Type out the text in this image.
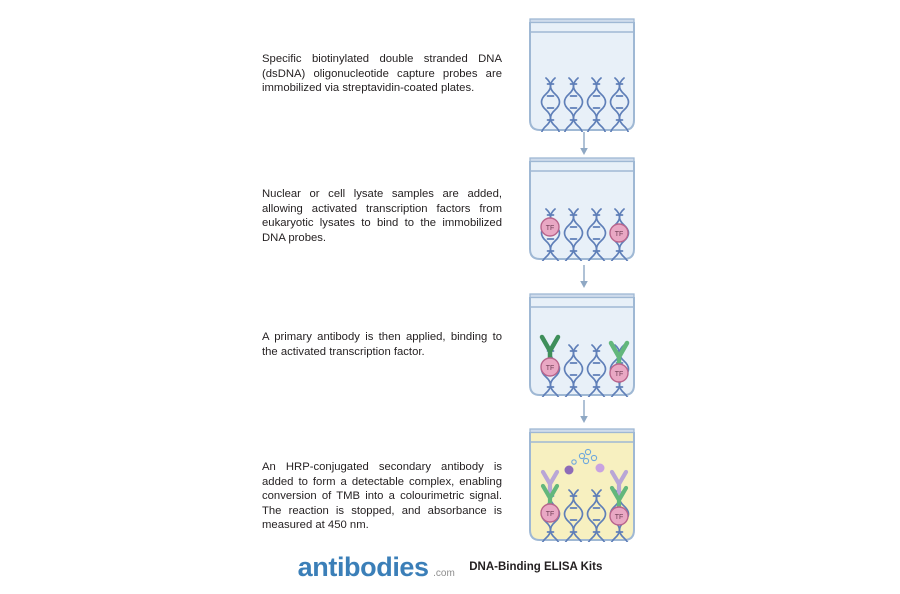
Specific biotinylated double stranded DNA (dsDNA) oligonucleotide capture probes are immobilized via streptavidin-coated plates.
Nuclear or cell lysate samples are added, allowing activated transcription factors from eukaryotic lysates to bind to the immobilized DNA probes.
TF
TF
A primary antibody is then applied, binding to the activated transcription factor.
TF
TF
An HRP-conjugated secondary antibody is added to form a detectable complex, enabling conversion of TMB into a colourimetric signal. The reaction is stopped, and absorbance is measured at 450 nm.
TF	TF
antibodies .com DNA-Binding ELISA Kits
